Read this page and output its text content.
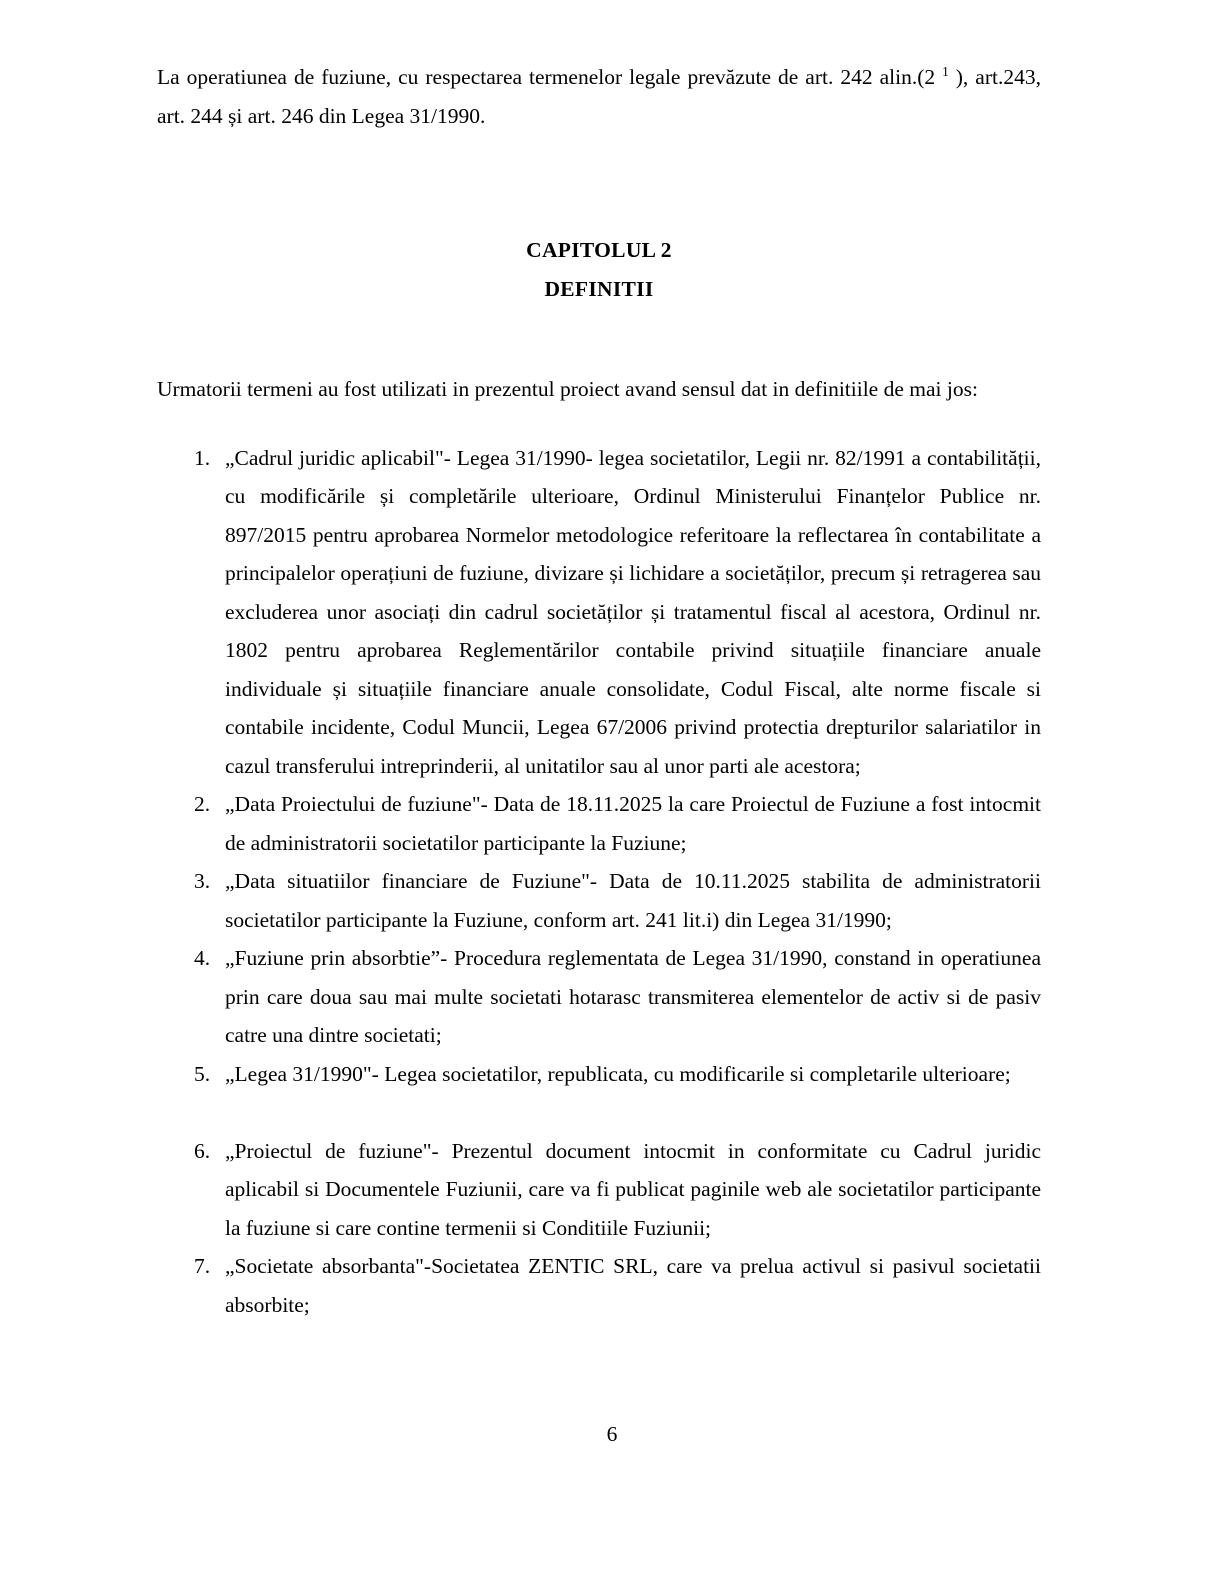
La operatiunea de fuziune, cu respectarea termenelor legale prevăzute de art. 242 alin.(2 $^1$ ), art.243, art. 244 și art. 246 din Legea 31/1990.

CAPITOLUL 2
DEFINITII

Urmatorii termeni au fost utilizati in prezentul proiect avand sensul dat in definitiile de mai jos:

1. „Cadrul juridic aplicabil"- Legea 31/1990- legea societatilor, Legii nr. 82/1991 a contabilității, cu modificările și completările ulterioare, Ordinul Ministerului Finanțelor Publice nr. 897/2015 pentru aprobarea Normelor metodologice referitoare la reflectarea în contabilitate a principalelor operațiuni de fuziune, divizare și lichidare a societăților, precum și retragerea sau excluderea unor asociați din cadrul societăților și tratamentul fiscal al acestora, Ordinul nr. 1802 pentru aprobarea Reglementărilor contabile privind situațiile financiare anuale individuale și situațiile financiare anuale consolidate, Codul Fiscal, alte norme fiscale si contabile incidente, Codul Muncii, Legea 67/2006 privind protectia drepturilor salariatilor in cazul transferului intreprinderii, al unitatilor sau al unor parti ale acestora;
2. „Data Proiectului de fuziune"- Data de 18.11.2025 la care Proiectul de Fuziune a fost intocmit de administratorii societatilor participante la Fuziune;
3. „Data situatiilor financiare de Fuziune"- Data de 10.11.2025 stabilita de administratorii societatilor participante la Fuziune, conform art. 241 lit.i) din Legea 31/1990;
4. „Fuziune prin absorbtie”- Procedura reglementata de Legea 31/1990, constand in operatiunea prin care doua sau mai multe societati hotarasc transmiterea elementelor de activ si de pasiv catre una dintre societati;
5. „Legea 31/1990"- Legea societatilor, republicata, cu modificarile si completarile ulterioare;
6. „Proiectul de fuziune"- Prezentul document intocmit in conformitate cu Cadrul juridic aplicabil si Documentele Fuziunii, care va fi publicat paginile web ale societatilor participante la fuziune si care contine termenii si Conditiile Fuziunii;
7. „Societate absorbanta"-Societatea ZENTIC SRL, care va prelua activul si pasivul societatii absorbite;
6
